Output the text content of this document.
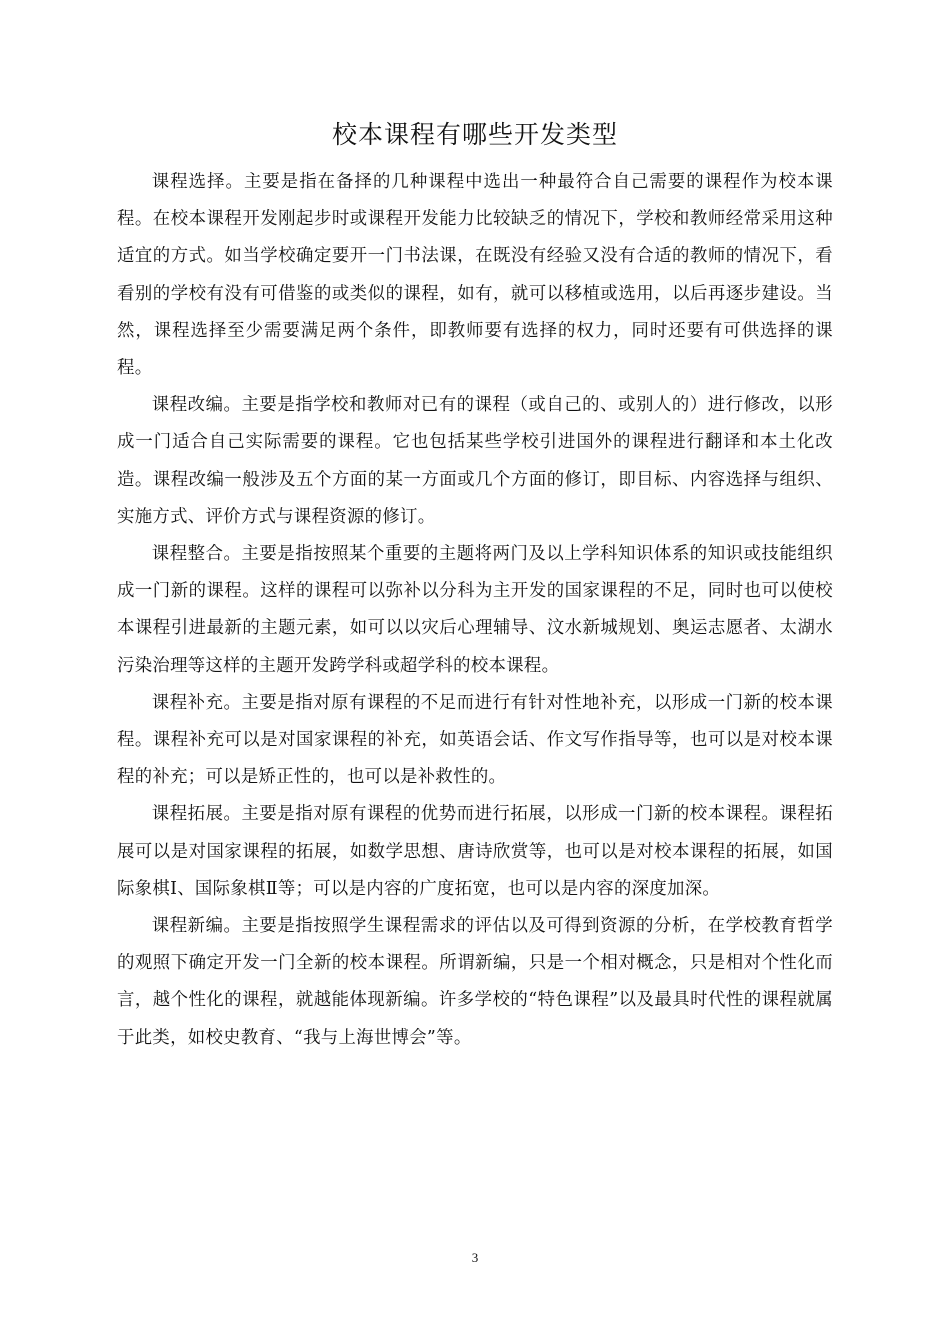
校本课程有哪些开发类型

课程选择。主要是指在备择的几种课程中选出一种最符合自己需要的课程作为校本课程。在校本课程开发刚起步时或课程开发能力比较缺乏的情况下，学校和教师经常采用这种适宜的方式。如当学校确定要开一门书法课，在既没有经验又没有合适的教师的情况下，看看别的学校有没有可借鉴的或类似的课程，如有，就可以移植或选用，以后再逐步建设。当然，课程选择至少需要满足两个条件，即教师要有选择的权力，同时还要有可供选择的课程。

课程改编。主要是指学校和教师对已有的课程（或自己的、或别人的）进行修改，以形成一门适合自己实际需要的课程。它也包括某些学校引进国外的课程进行翻译和本土化改造。课程改编一般涉及五个方面的某一方面或几个方面的修订，即目标、内容选择与组织、实施方式、评价方式与课程资源的修订。

课程整合。主要是指按照某个重要的主题将两门及以上学科知识体系的知识或技能组织成一门新的课程。这样的课程可以弥补以分科为主开发的国家课程的不足，同时也可以使校本课程引进最新的主题元素，如可以以灾后心理辅导、汶水新城规划、奥运志愿者、太湖水污染治理等这样的主题开发跨学科或超学科的校本课程。

课程补充。主要是指对原有课程的不足而进行有针对性地补充，以形成一门新的校本课程。课程补充可以是对国家课程的补充，如英语会话、作文写作指导等，也可以是对校本课程的补充；可以是矫正性的，也可以是补救性的。

课程拓展。主要是指对原有课程的优势而进行拓展，以形成一门新的校本课程。课程拓展可以是对国家课程的拓展，如数学思想、唐诗欣赏等，也可以是对校本课程的拓展，如国际象棋Ⅰ、国际象棋Ⅱ等；可以是内容的广度拓宽，也可以是内容的深度加深。

课程新编。主要是指按照学生课程需求的评估以及可得到资源的分析，在学校教育哲学的观照下确定开发一门全新的校本课程。所谓新编，只是一个相对概念，只是相对个性化而言，越个性化的课程，就越能体现新编。许多学校的“特色课程”以及最具时代性的课程就属于此类，如校史教育、“我与上海世博会”等。

3
